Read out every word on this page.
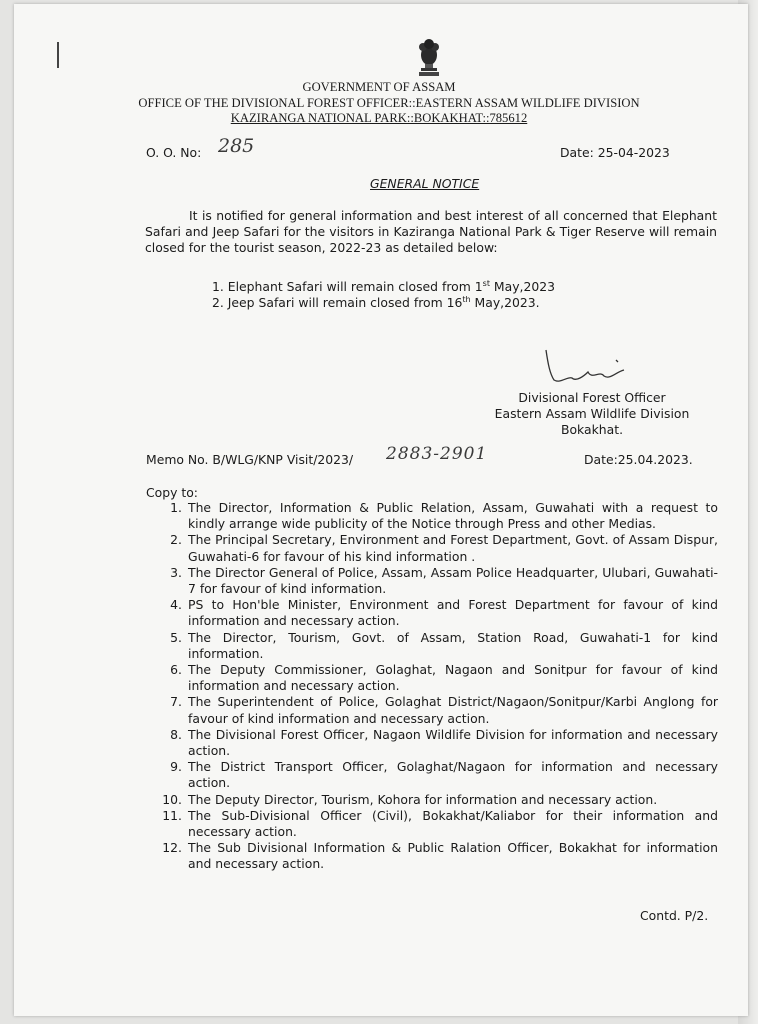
GOVERNMENT OF ASSAM
OFFICE OF THE DIVISIONAL FOREST OFFICER::EASTERN ASSAM WILDLIFE DIVISION
KAZIRANGA NATIONAL PARK::BOKAKHAT::785612
O. O. No: 285	Date: 25-04-2023
GENERAL NOTICE
It is notified for general information and best interest of all concerned that Elephant Safari and Jeep Safari for the visitors in Kaziranga National Park & Tiger Reserve will remain closed for the tourist season, 2022-23 as detailed below:
1. Elephant Safari will remain closed from 1st May,2023
2. Jeep Safari will remain closed from 16th May,2023.
lkosi
Divisional Forest Officer
Eastern Assam Wildlife Division
Bokakhat.
Memo No. B/WLG/KNP Visit/2023/ 2883-2901	Date:25.04.2023.
Copy to:
1. The Director, Information & Public Relation, Assam, Guwahati with a request to kindly arrange wide publicity of the Notice through Press and other Medias.
2. The Principal Secretary, Environment and Forest Department, Govt. of Assam Dispur, Guwahati-6 for favour of his kind information .
3. The Director General of Police, Assam, Assam Police Headquarter, Ulubari, Guwahati-7 for favour of kind information.
4. PS to Hon'ble Minister, Environment and Forest Department for favour of kind information and necessary action.
5. The Director, Tourism, Govt. of Assam, Station Road, Guwahati-1 for kind information.
6. The Deputy Commissioner, Golaghat, Nagaon and Sonitpur for favour of kind information and necessary action.
7. The Superintendent of Police, Golaghat District/Nagaon/Sonitpur/Karbi Anglong for favour of kind information and necessary action.
8. The Divisional Forest Officer, Nagaon Wildlife Division for information and necessary action.
9. The District Transport Officer, Golaghat/Nagaon for information and necessary action.
10. The Deputy Director, Tourism, Kohora for information and necessary action.
11. The Sub-Divisional Officer (Civil), Bokakhat/Kaliabor for their information and necessary action.
12. The Sub Divisional Information & Public Ralation Officer, Bokakhat for information and necessary action.
Contd. P/2.
